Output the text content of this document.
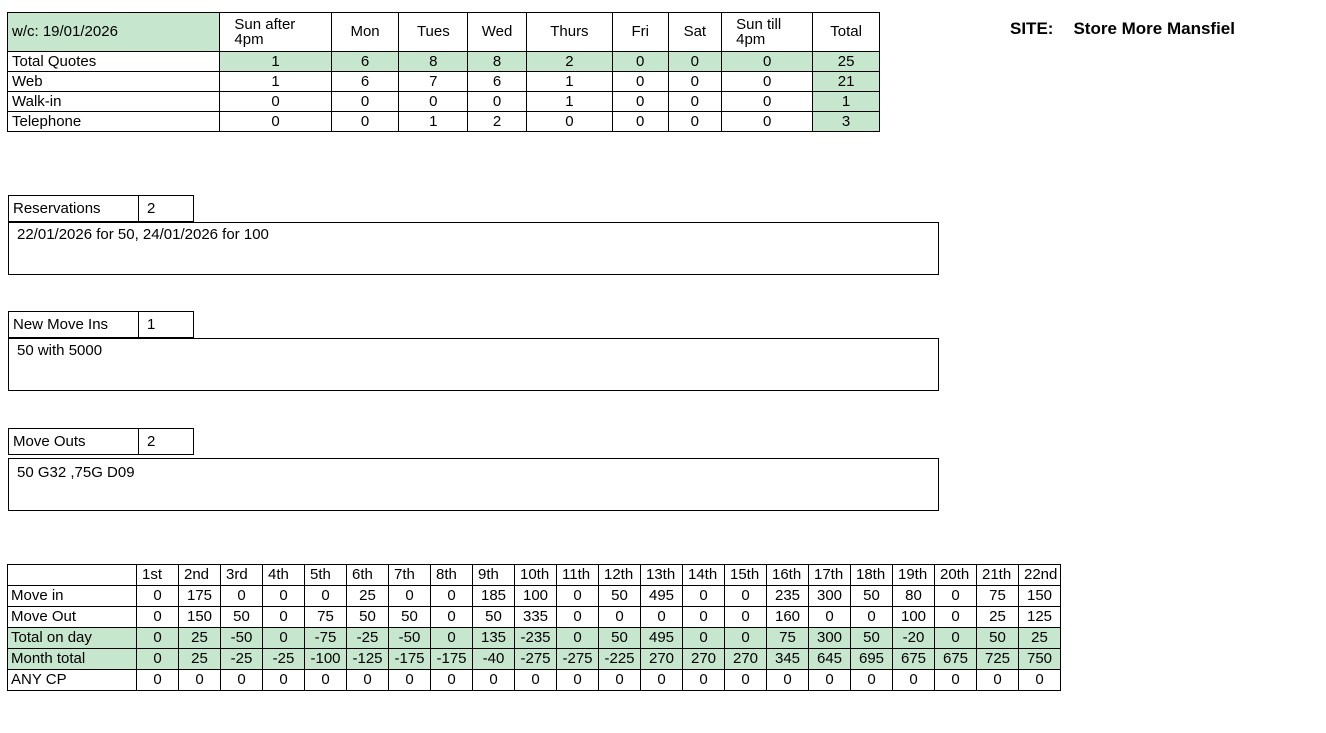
w/c: 19/01/2026	Sun after
4pm	Mon	Tues	Wed	Thurs	Fri	Sat	Sun till
4pm	Total
Total Quotes	1	6	8	8	2	0	0	0	25
Web	1	6	7	6	1	0	0	0	21
Walk-in	0	0	0	0	1	0	0	0	1
Telephone	0	0	1	2	0	0	0	0	3
SITE: Store More Mansfiel
Reservations	2
22/01/2026 for 50, 24/01/2026 for 100
New Move Ins	1
50 with 5000
Move Outs	2
50 G32 ,75G D09
	1st	2nd	3rd	4th	5th	6th	7th	8th	9th	10th	11th	12th	13th	14th	15th	16th	17th	18th	19th	20th	21th	22nd
Move in	0	175	0	0	0	25	0	0	185	100	0	50	495	0	0	235	300	50	80	0	75	150
Move Out	0	150	50	0	75	50	50	0	50	335	0	0	0	0	0	160	0	0	100	0	25	125
Total on day	0	25	-50	0	-75	-25	-50	0	135	-235	0	50	495	0	0	75	300	50	-20	0	50	25
Month total	0	25	-25	-25	-100	-125	-175	-175	-40	-275	-275	-225	270	270	270	345	645	695	675	675	725	750
ANY CP	0	0	0	0	0	0	0	0	0	0	0	0	0	0	0	0	0	0	0	0	0	0
